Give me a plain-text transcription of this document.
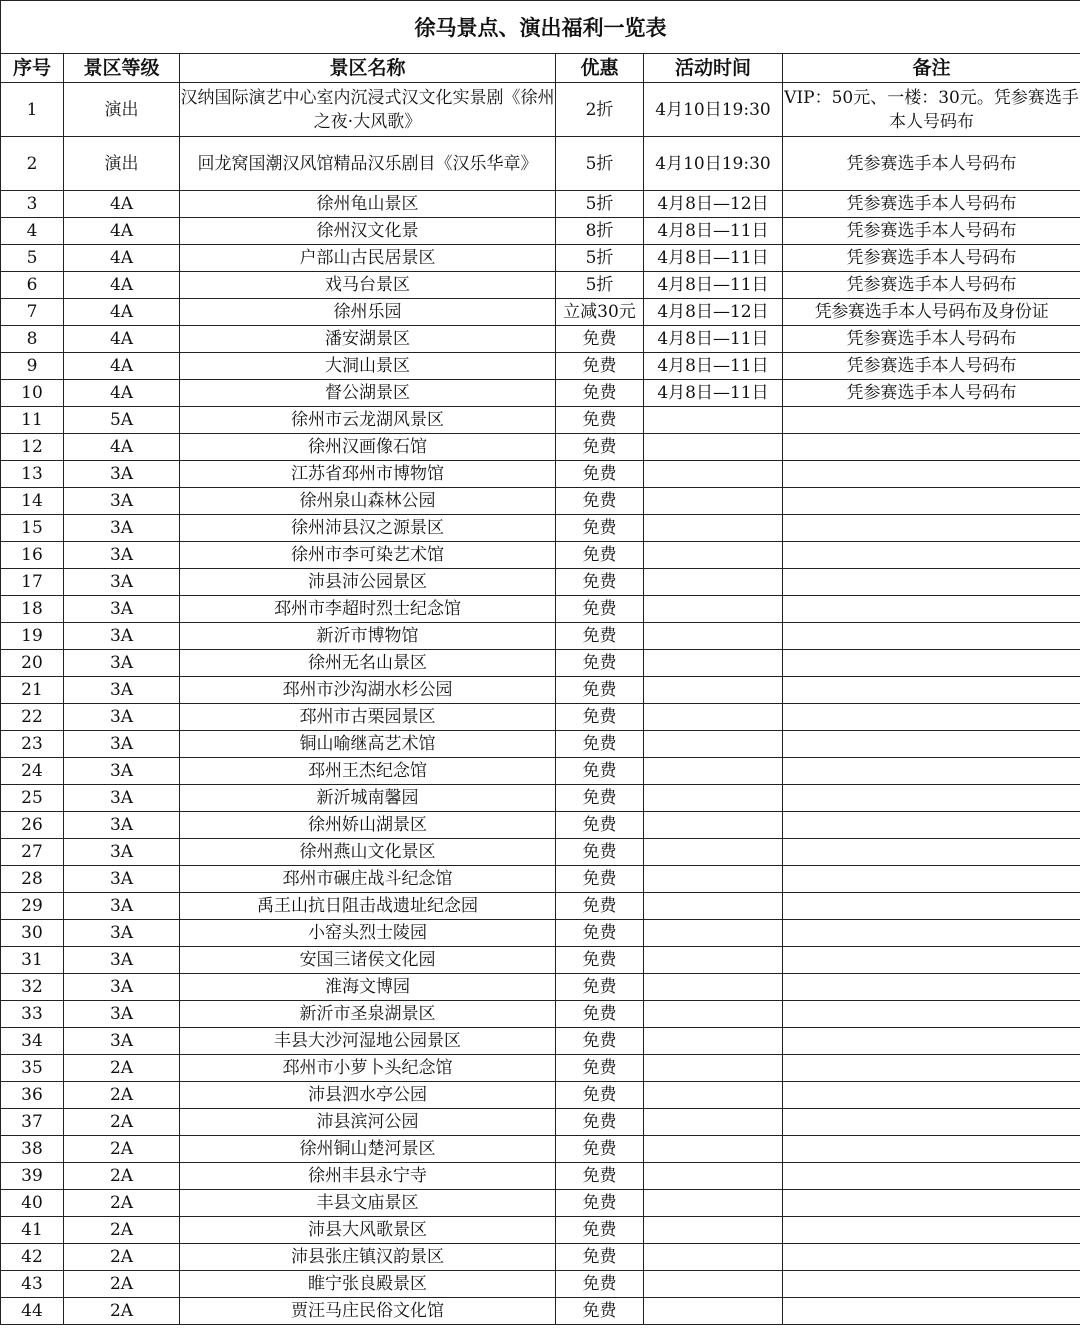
徐马景点、演出福利一览表					
序号	景区等级	景区名称	优惠	活动时间	备注
1	演出	汉纳国际演艺中心室内沉浸式汉文化实景剧《徐州之夜·大风歌》	2折	4月10日19:30	VIP：50元、一楼：30元。凭参赛选手本人号码布
2	演出	回龙窝国潮汉风馆精品汉乐剧目《汉乐华章》	5折	4月10日19:30	凭参赛选手本人号码布
3	4A	徐州龟山景区	5折	4月8日—12日	凭参赛选手本人号码布
4	4A	徐州汉文化景	8折	4月8日—11日	凭参赛选手本人号码布
5	4A	户部山古民居景区	5折	4月8日—11日	凭参赛选手本人号码布
6	4A	戏马台景区	5折	4月8日—11日	凭参赛选手本人号码布
7	4A	徐州乐园	立减30元	4月8日—12日	凭参赛选手本人号码布及身份证
8	4A	潘安湖景区	免费	4月8日—11日	凭参赛选手本人号码布
9	4A	大洞山景区	免费	4月8日—11日	凭参赛选手本人号码布
10	4A	督公湖景区	免费	4月8日—11日	凭参赛选手本人号码布
11	5A	徐州市云龙湖风景区	免费		
12	4A	徐州汉画像石馆	免费		
13	3A	江苏省邳州市博物馆	免费		
14	3A	徐州泉山森林公园	免费		
15	3A	徐州沛县汉之源景区	免费		
16	3A	徐州市李可染艺术馆	免费		
17	3A	沛县沛公园景区	免费		
18	3A	邳州市李超时烈士纪念馆	免费		
19	3A	新沂市博物馆	免费		
20	3A	徐州无名山景区	免费		
21	3A	邳州市沙沟湖水杉公园	免费		
22	3A	邳州市古栗园景区	免费		
23	3A	铜山喻继高艺术馆	免费		
24	3A	邳州王杰纪念馆	免费		
25	3A	新沂城南馨园	免费		
26	3A	徐州娇山湖景区	免费		
27	3A	徐州燕山文化景区	免费		
28	3A	邳州市碾庄战斗纪念馆	免费		
29	3A	禹王山抗日阻击战遗址纪念园	免费		
30	3A	小窑头烈士陵园	免费		
31	3A	安国三诸侯文化园	免费		
32	3A	淮海文博园	免费		
33	3A	新沂市圣泉湖景区	免费		
34	3A	丰县大沙河湿地公园景区	免费		
35	2A	邳州市小萝卜头纪念馆	免费		
36	2A	沛县泗水亭公园	免费		
37	2A	沛县滨河公园	免费		
38	2A	徐州铜山楚河景区	免费		
39	2A	徐州丰县永宁寺	免费		
40	2A	丰县文庙景区	免费		
41	2A	沛县大风歌景区	免费		
42	2A	沛县张庄镇汉韵景区	免费		
43	2A	睢宁张良殿景区	免费		
44	2A	贾汪马庄民俗文化馆	免费		
